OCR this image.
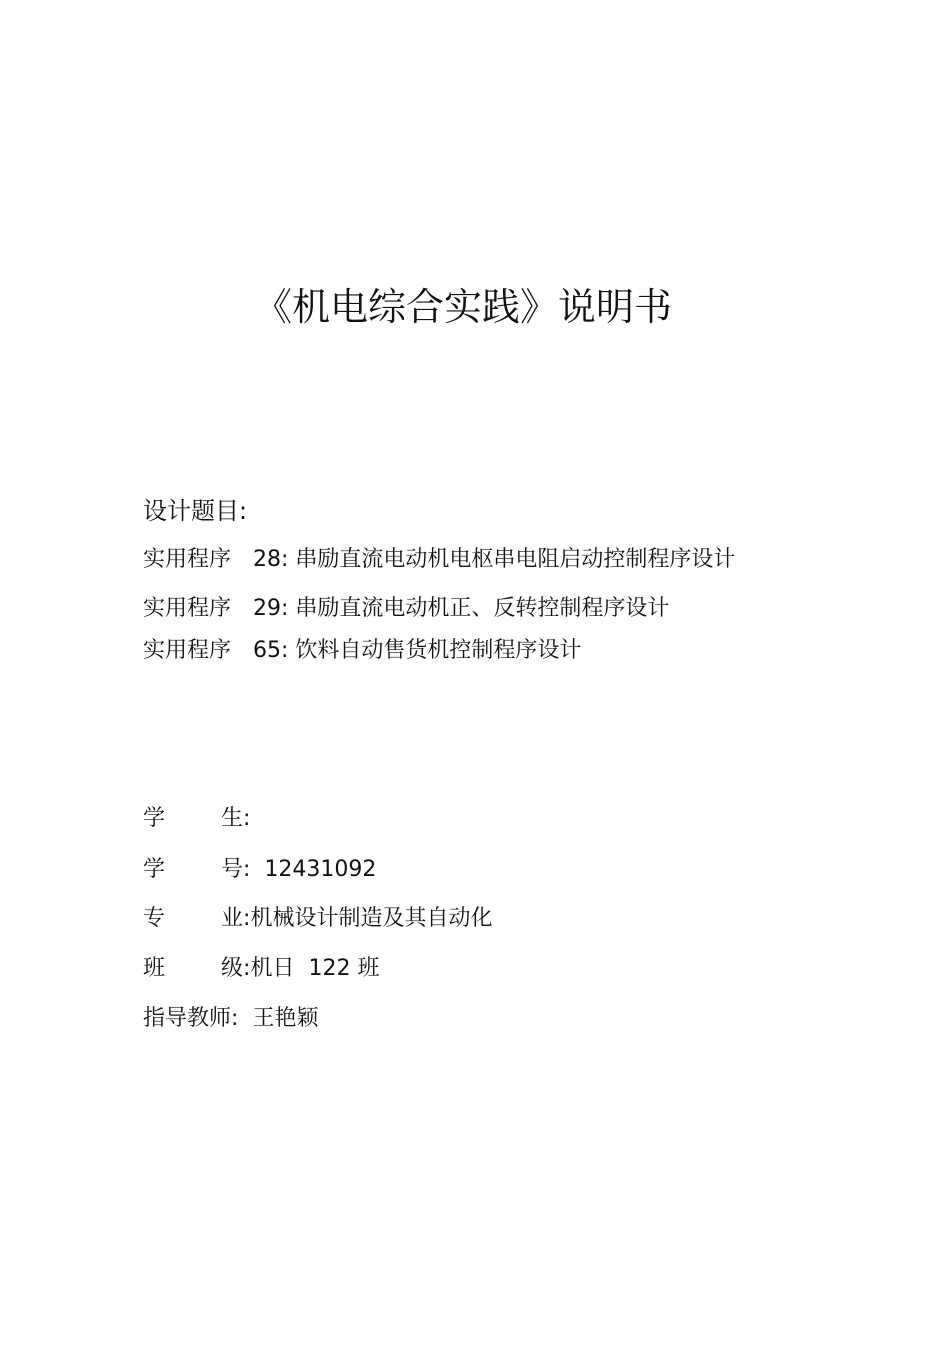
《机电综合实践》说明书
设计题目:
实用程序 28: 串励直流电动机电枢串电阻启动控制程序设计
实用程序 29: 串励直流电动机正、反转控制程序设计
实用程序 65: 饮料自动售货机控制程序设计
学	生:
学	号: 12431092
专	业:机械设计制造及其自动化
班	级:机日 122 班
指导教师: 王艳颖
